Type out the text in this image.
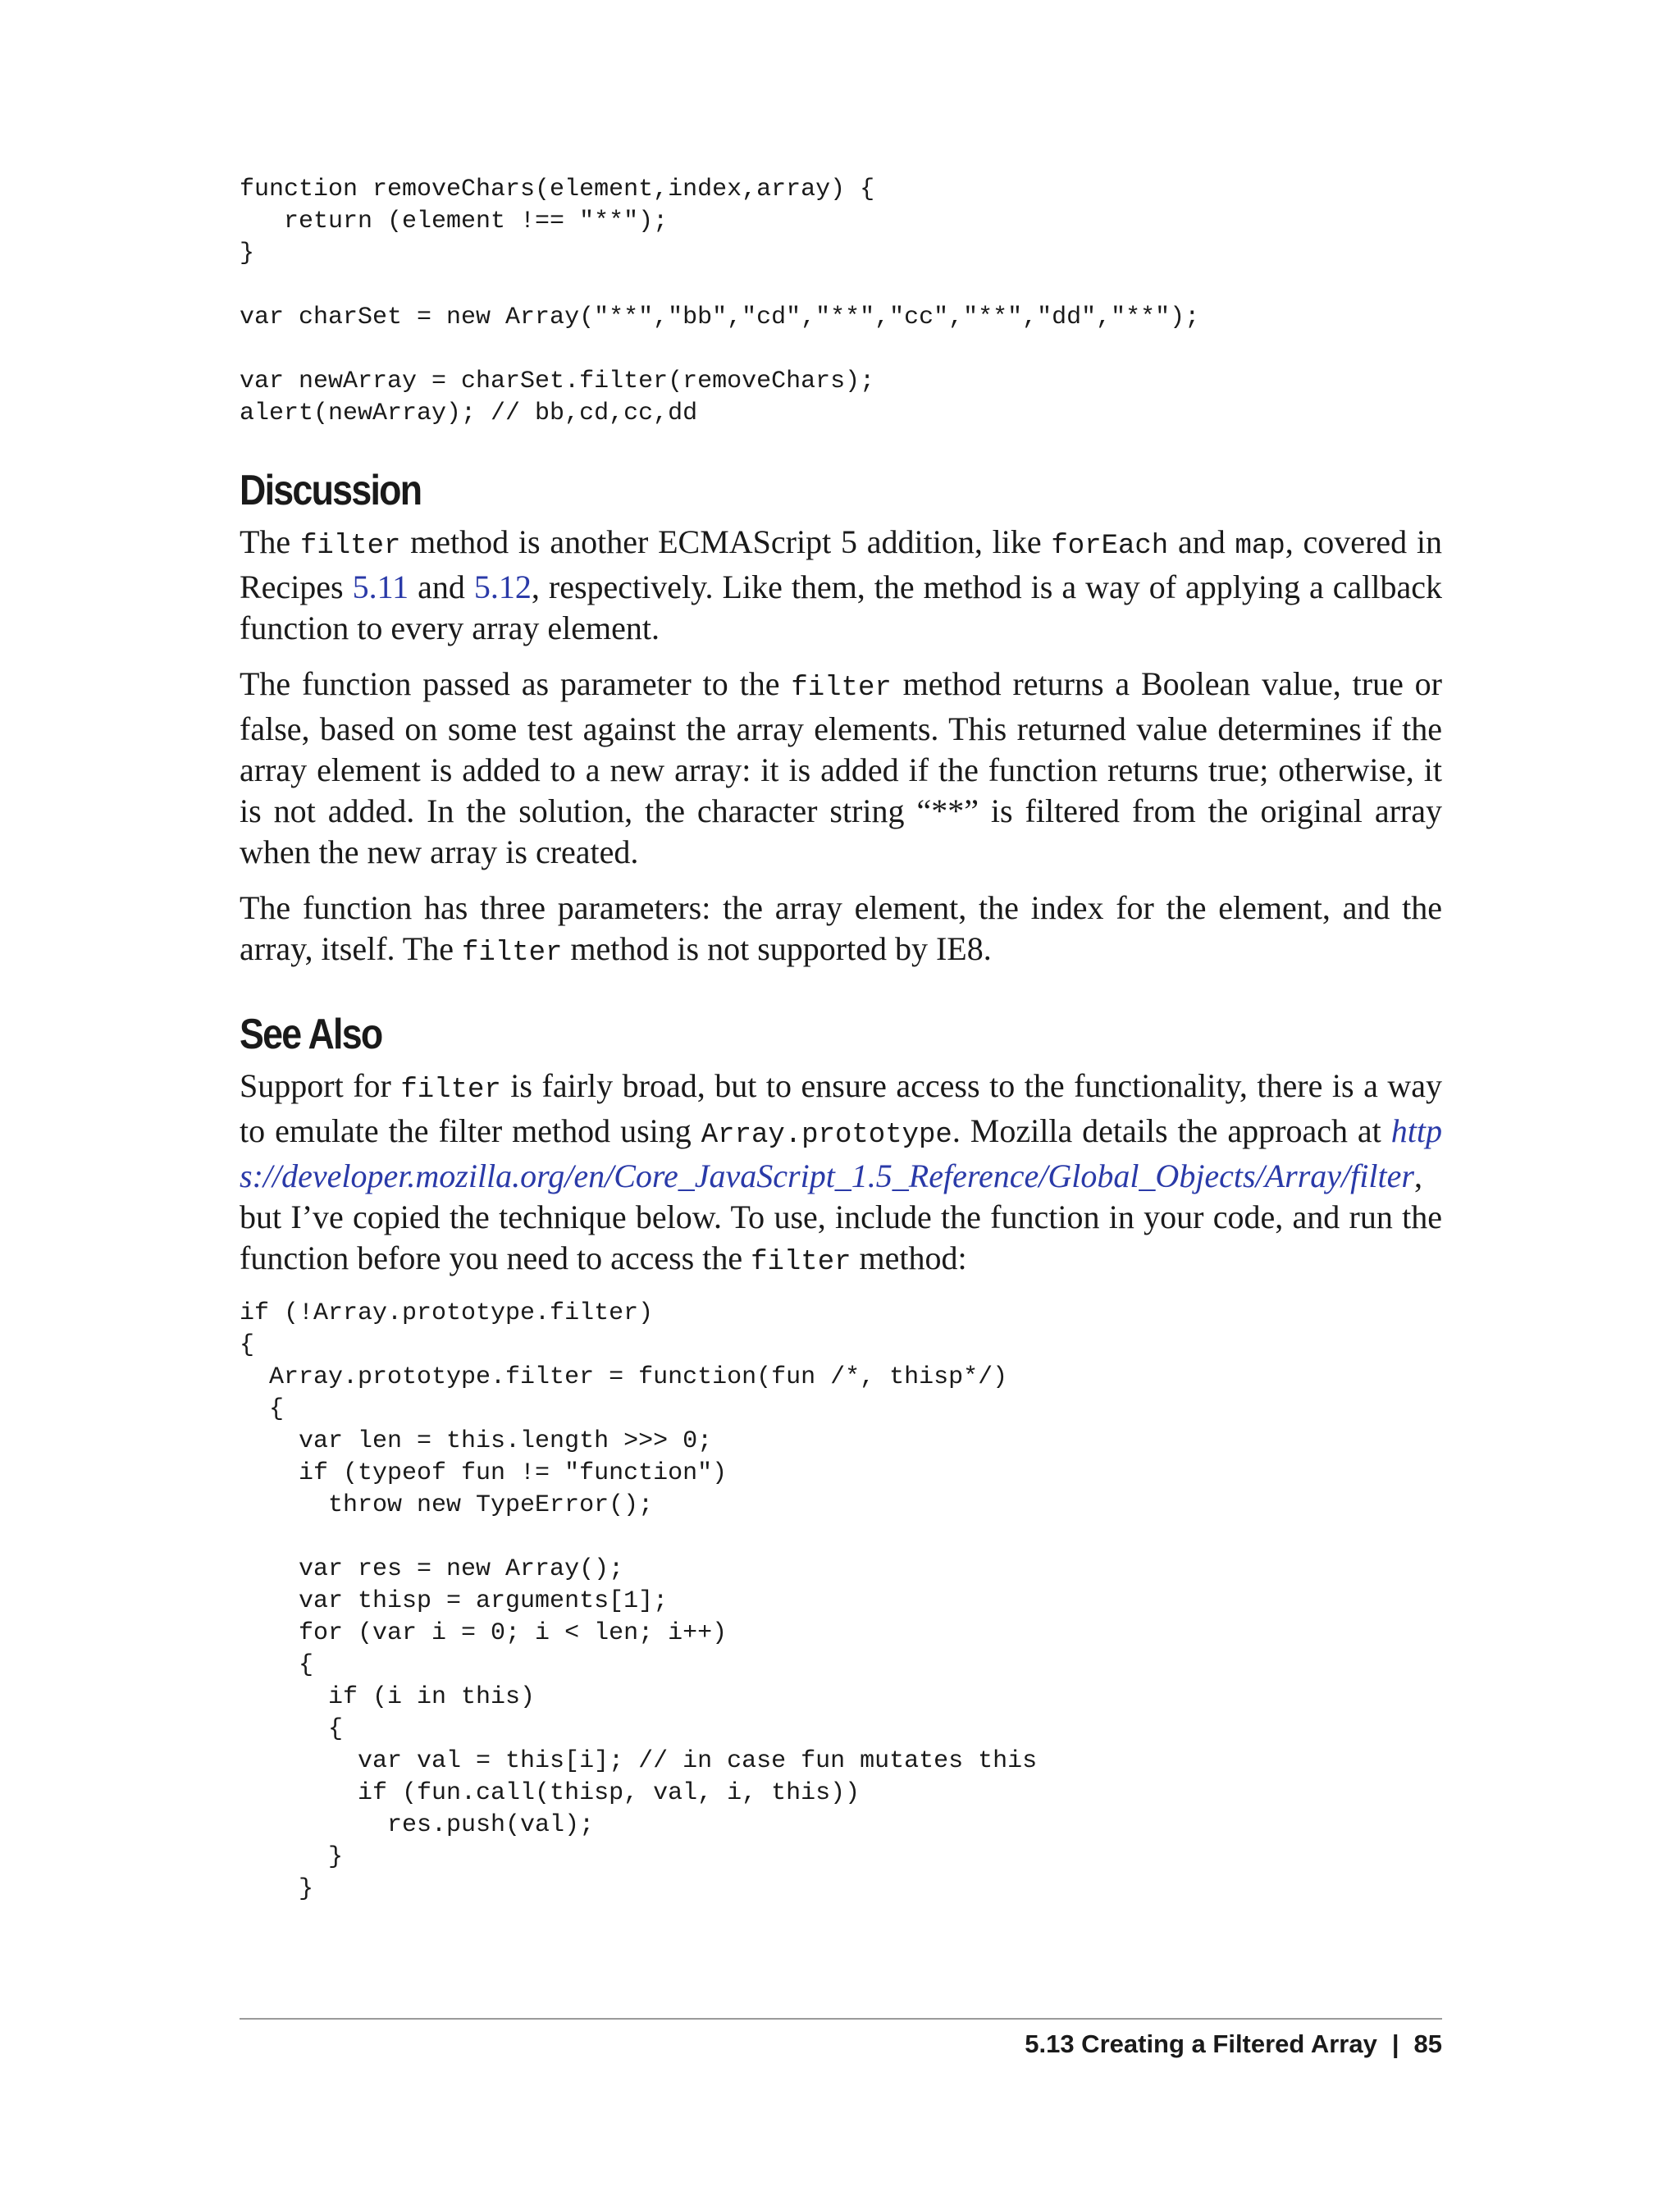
function removeChars(element,index,array) {
return (element !== "**");
}

var charSet = new Array("**","bb","cd","**","cc","**","dd","**");

var newArray = charSet.filter(removeChars);
alert(newArray); // bb,cd,cc,dd
Discussion

The filter method is another ECMAScript 5 addition, like forEach and map, covered in Recipes 5.11 and 5.12, respectively. Like them, the method is a way of applying a callback function to every array element.

The function passed as parameter to the filter method returns a Boolean value, true or false, based on some test against the array elements. This returned value determines if the array element is added to a new array: it is added if the function returns true; otherwise, it is not added. In the solution, the character string “**” is filtered from the original array when the new array is created.

The function has three parameters: the array element, the index for the element, and the array, itself. The filter method is not supported by IE8.

See Also

Support for filter is fairly broad, but to ensure access to the functionality, there is a way to emulate the filter method using Array.prototype. Mozilla details the approach at https://developer.mozilla.org/en/Core_JavaScript_1.5_Reference/Global_Objects/Array/filter, but I’ve copied the technique below. To use, include the function in your code, and run the function before you need to access the filter method:

if (!Array.prototype.filter)
{
Array.prototype.filter = function(fun /*, thisp*/)
{
var len = this.length >>> 0;
if (typeof fun != "function")
throw new TypeError();

var res = new Array();
var thisp = arguments[1];
for (var i = 0; i < len; i++)
{
if (i in this)
{
var val = this[i]; // in case fun mutates this
if (fun.call(thisp, val, i, this))
res.push(val);
}
}
5.13 Creating a Filtered Array | 85
